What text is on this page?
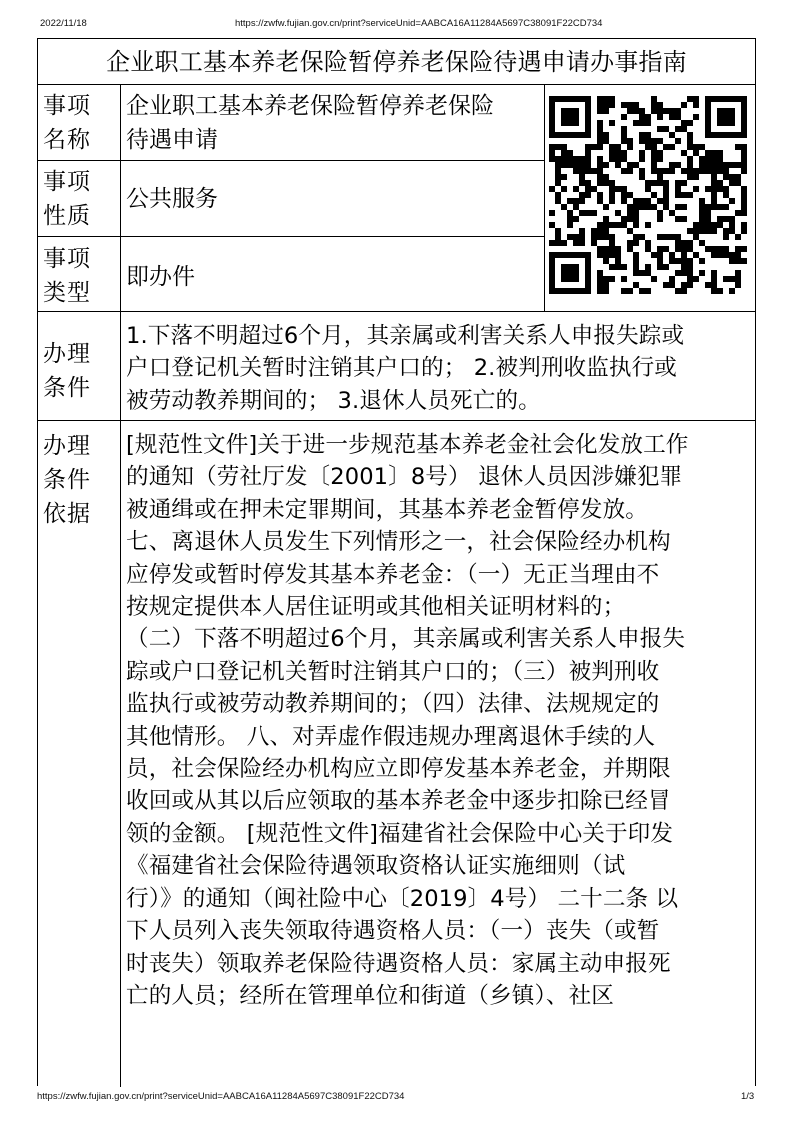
2022/11/18	https://zwfw.fujian.gov.cn/print?serviceUnid=AABCA16A11284A5697C38091F22CD734
企业职工基本养老保险暂停养老保险待遇申请办事指南
事项
名称
企业职工基本养老保险暂停养老保险
待遇申请
事项
性质
公共服务
事项
类型
即办件
办理
条件
1.下落不明超过6个月，其亲属或利害关系人申报失踪或
户口登记机关暂时注销其户口的； 2.被判刑收监执行或
被劳动教养期间的； 3.退休人员死亡的。
办理
条件
依据
[规范性文件]关于进一步规范基本养老金社会化发放工作
的通知（劳社厅发〔2001〕8号） 退休人员因涉嫌犯罪
被通缉或在押未定罪期间，其基本养老金暂停发放。
七、离退休人员发生下列情形之一，社会保险经办机构
应停发或暂时停发其基本养老金：（一）无正当理由不
按规定提供本人居住证明或其他相关证明材料的；
（二）下落不明超过6个月，其亲属或利害关系人申报失
踪或户口登记机关暂时注销其户口的；（三）被判刑收
监执行或被劳动教养期间的；（四）法律、法规规定的
其他情形。 八、对弄虚作假违规办理离退休手续的人
员，社会保险经办机构应立即停发基本养老金，并期限
收回或从其以后应领取的基本养老金中逐步扣除已经冒
领的金额。 [规范性文件]福建省社会保险中心关于印发
《福建省社会保险待遇领取资格认证实施细则（试
行）》的通知（闽社险中心〔2019〕4号） 二十二条 以
下人员列入丧失领取待遇资格人员：（一）丧失（或暂
时丧失）领取养老保险待遇资格人员：家属主动申报死
亡的人员；经所在管理单位和街道（乡镇）、社区
https://zwfw.fujian.gov.cn/print?serviceUnid=AABCA16A11284A5697C38091F22CD734	1/3
